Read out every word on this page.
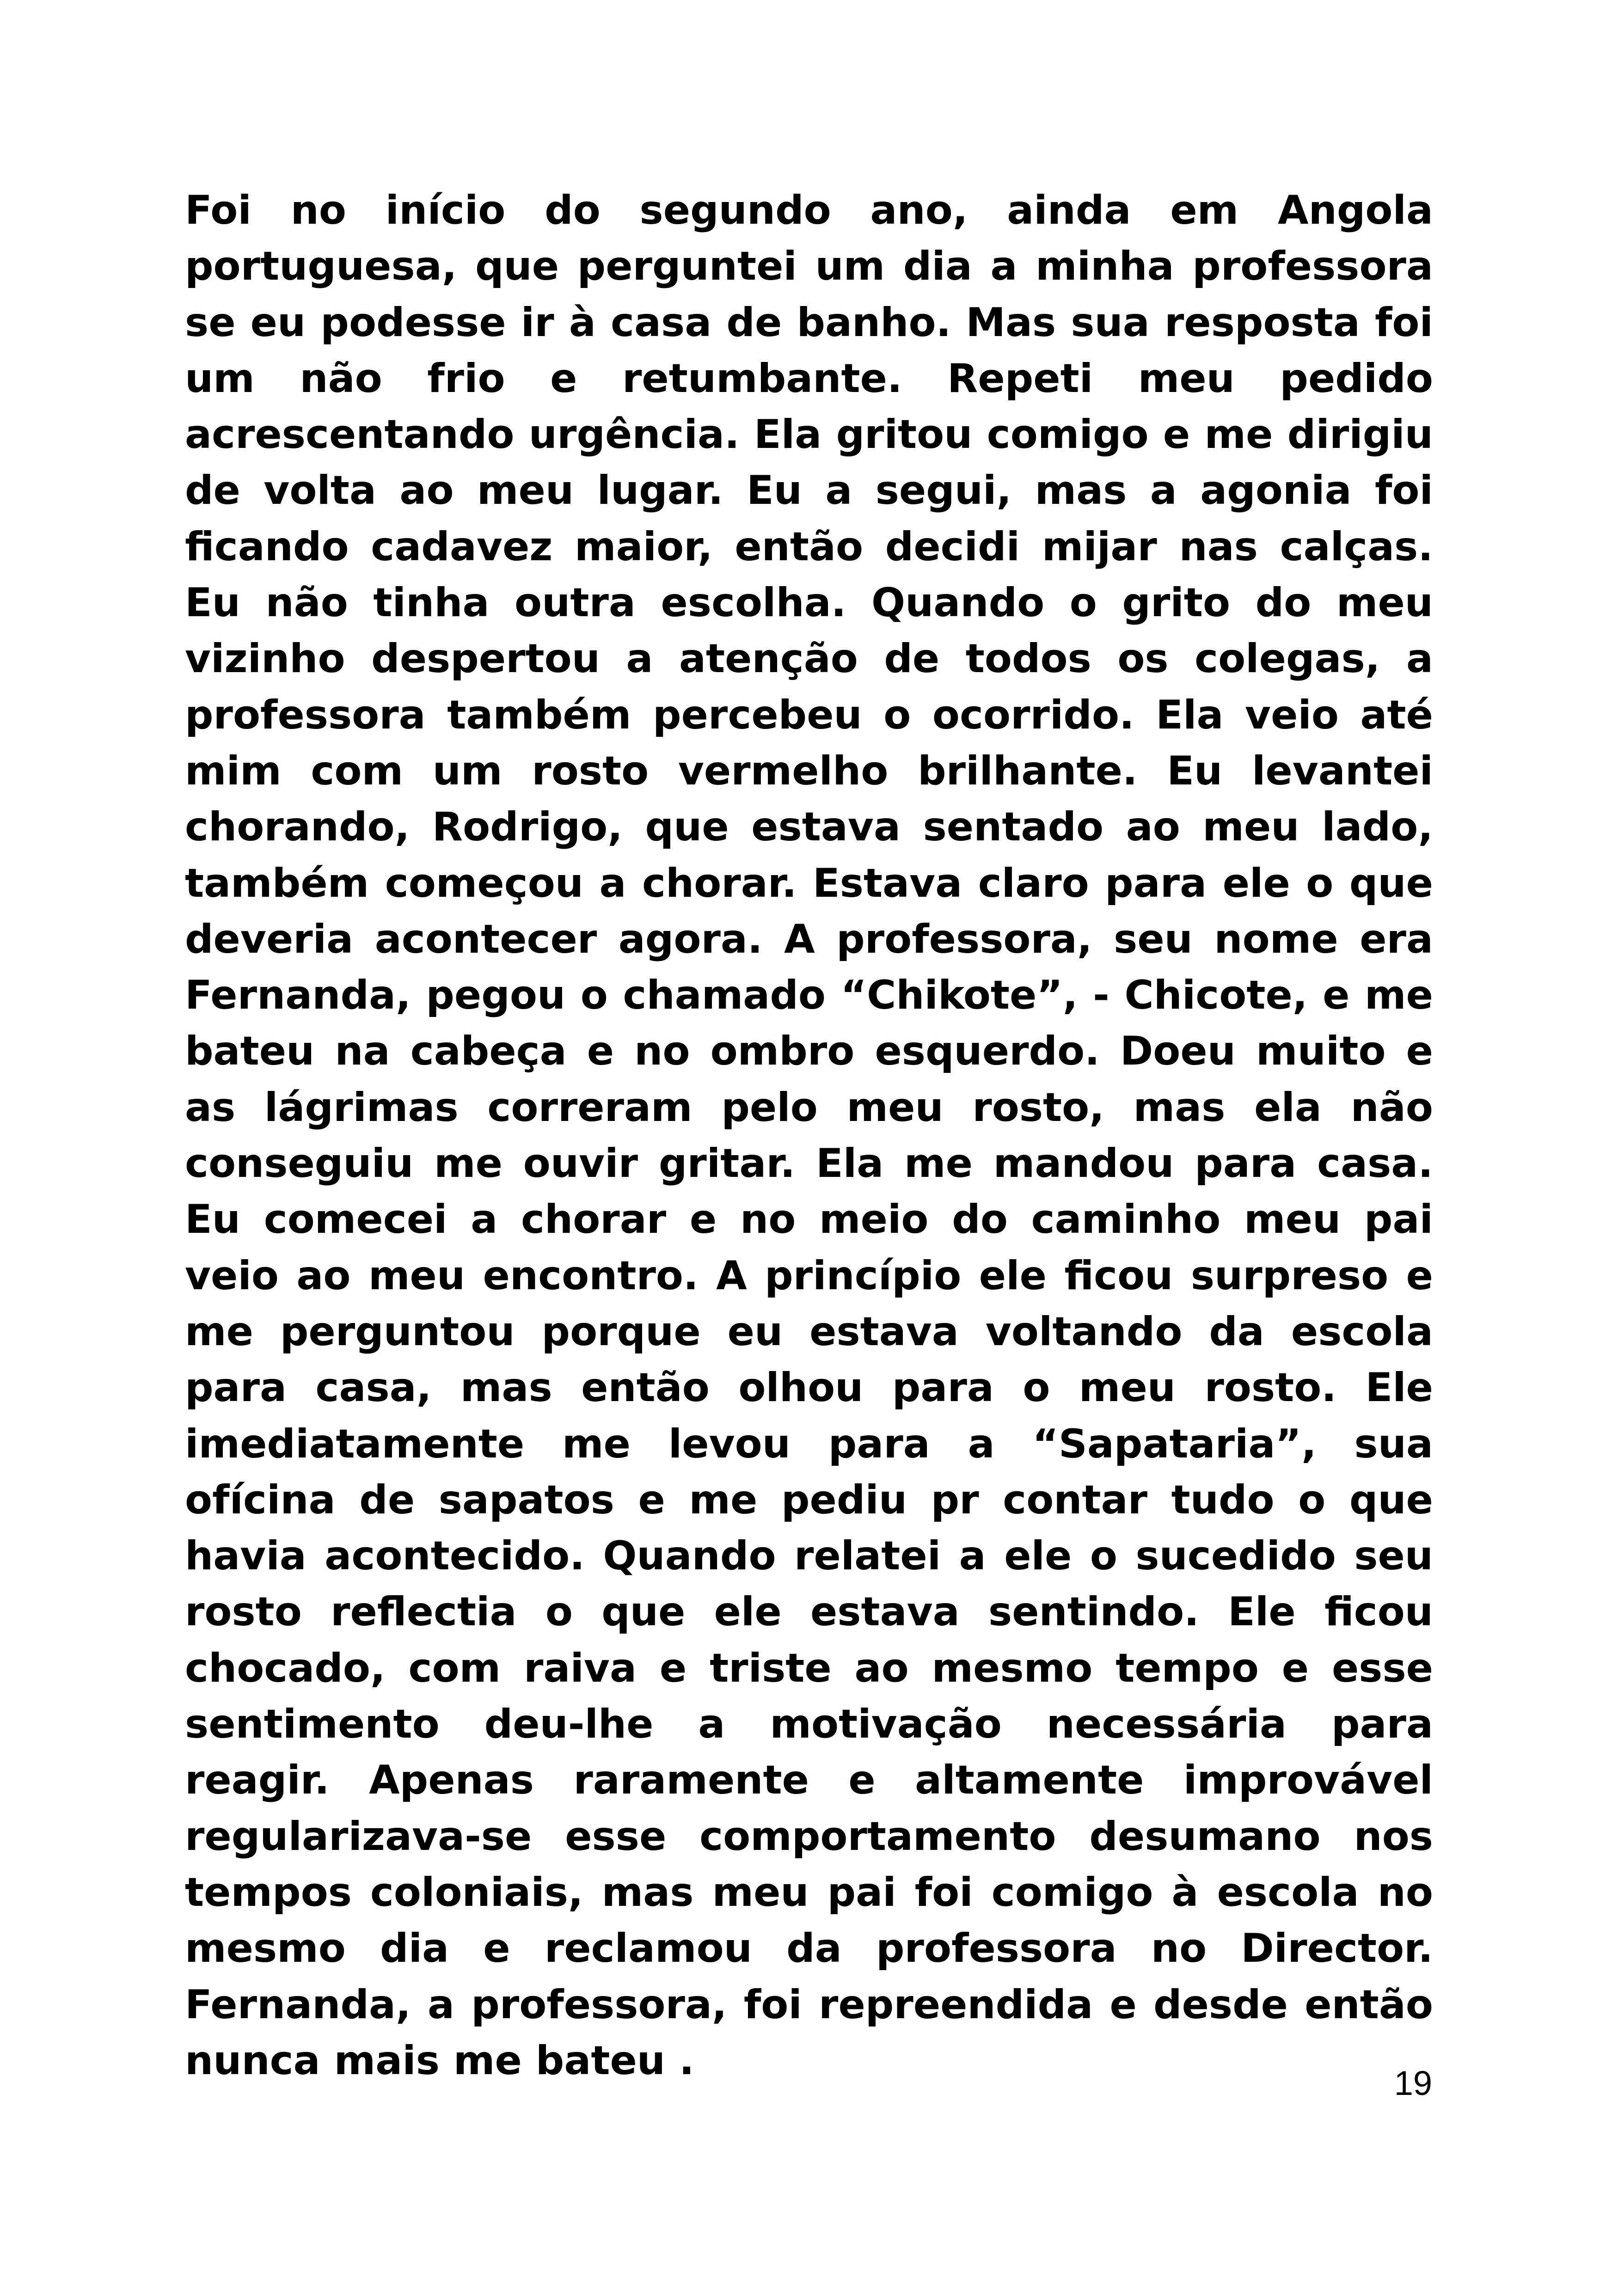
Foi no início do segundo ano, ainda em Angola portuguesa, que perguntei um dia a minha professora se eu podesse ir à casa de banho. Mas sua resposta foi um não frio e retumbante. Repeti meu pedido acrescentando urgência. Ela gritou comigo e me dirigiu de volta ao meu lugar. Eu a segui, mas a agonia foi ficando cadavez maior, então decidi mijar nas calças. Eu não tinha outra escolha. Quando o grito do meu vizinho despertou a atenção de todos os colegas, a professora também percebeu o ocorrido. Ela veio até mim com um rosto vermelho brilhante. Eu levantei chorando, Rodrigo, que estava sentado ao meu lado, também começou a chorar. Estava claro para ele o que deveria acontecer agora. A professora, seu nome era Fernanda, pegou o chamado “Chikote”, - Chicote, e me bateu na cabeça e no ombro esquerdo. Doeu muito e as lágrimas correram pelo meu rosto, mas ela não conseguiu me ouvir gritar. Ela me mandou para casa. Eu comecei a chorar e no meio do caminho meu pai veio ao meu encontro. A princípio ele ficou surpreso e me perguntou porque eu estava voltando da escola para casa, mas então olhou para o meu rosto. Ele imediatamente me levou para a “Sapataria”, sua ofícina de sapatos e me pediu pr contar tudo o que havia acontecido. Quando relatei a ele o sucedido seu rosto reflectia o que ele estava sentindo. Ele ficou chocado, com raiva e triste ao mesmo tempo e esse sentimento deu-lhe a motivação necessária para reagir. Apenas raramente e altamente improvável regularizava-se esse comportamento desumano nos tempos coloniais, mas meu pai foi comigo à escola no mesmo dia e reclamou da professora no Director. Fernanda, a professora, foi repreendida e desde então nunca mais me bateu .	19
